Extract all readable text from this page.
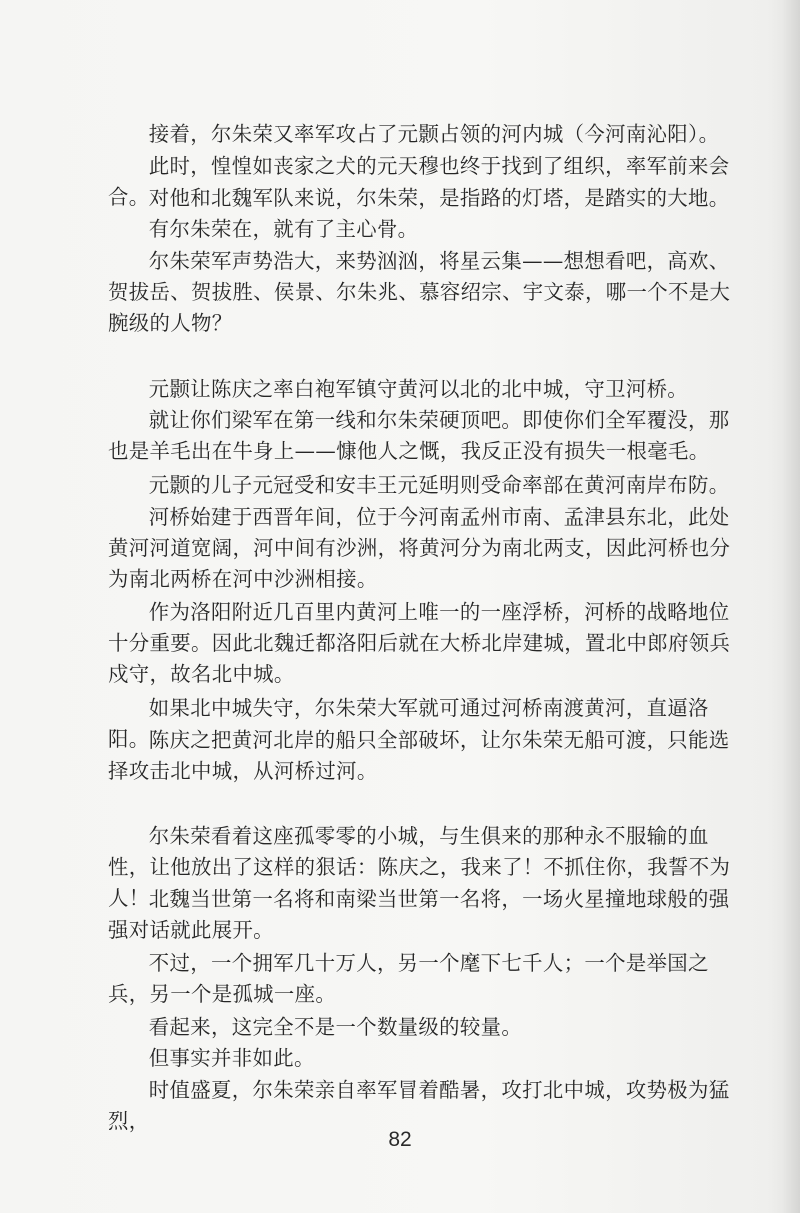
接着，尔朱荣又率军攻占了元颢占领的河内城（今河南沁阳）。

此时，惶惶如丧家之犬的元天穆也终于找到了组织，率军前来会合。 对他和北魏军队来说，尔朱荣，是指路的灯塔，是踏实的大地。

有尔朱荣在，就有了主心骨。

尔朱荣军声势浩大，来势汹汹，将星云集——想想看吧，高欢、贺拔岳、贺拔胜、侯景、尔朱兆、慕容绍宗、宇文泰，哪一个不是大腕级的人物？

元颢让陈庆之率白袍军镇守黄河以北的北中城，守卫河桥。

就让你们梁军在第一线和尔朱荣硬顶吧。即使你们全军覆没，那也是羊毛出在牛身上——慷他人之慨，我反正没有损失一根毫毛。

元颢的儿子元冠受和安丰王元延明则受命率部在黄河南岸布防。

河桥始建于西晋年间，位于今河南孟州市南、孟津县东北，此处黄河河道宽阔，河中间有沙洲，将黄河分为南北两支，因此河桥也分为南北两桥在河中沙洲相接。

作为洛阳附近几百里内黄河上唯一的一座浮桥，河桥的战略地位十分重要。因此北魏迁都洛阳后就在大桥北岸建城，置北中郎府领兵戍守，故名北中城。

如果北中城失守，尔朱荣大军就可通过河桥南渡黄河，直逼洛阳。 陈庆之把黄河北岸的船只全部破坏，让尔朱荣无船可渡，只能选择攻击北中城，从河桥过河。

尔朱荣看着这座孤零零的小城，与生俱来的那种永不服输的血性，让他放出了这样的狠话：陈庆之，我来了！不抓住你，我誓不为人！ 北魏当世第一名将和南梁当世第一名将，一场火星撞地球般的强强对话就此展开。

不过，一个拥军几十万人，另一个麾下七千人；一个是举国之兵，另一个是孤城一座。

看起来，这完全不是一个数量级的较量。

但事实并非如此。

时值盛夏，尔朱荣亲自率军冒着酷暑，攻打北中城，攻势极为猛烈，

82
